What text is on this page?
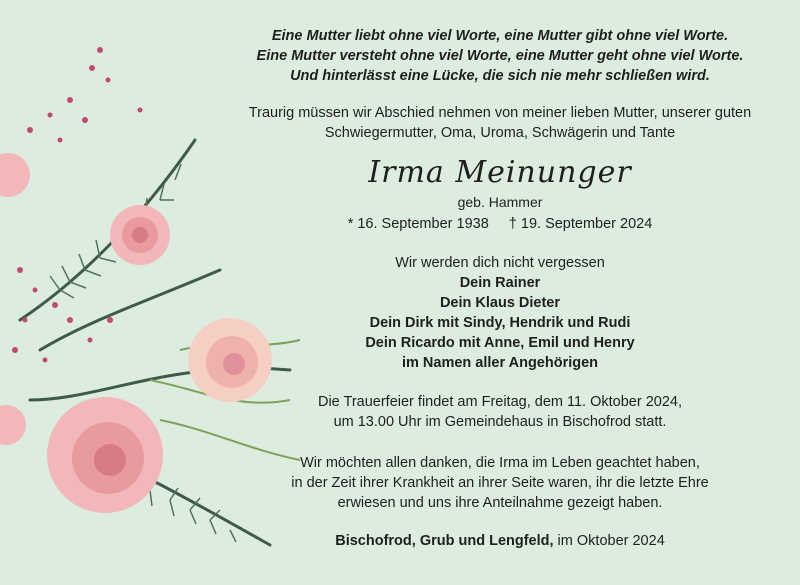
Eine Mutter liebt ohne viel Worte, eine Mutter gibt ohne viel Worte.
Eine Mutter versteht ohne viel Worte, eine Mutter geht ohne viel Worte.
Und hinterlässt eine Lücke, die sich nie mehr schließen wird.
Traurig müssen wir Abschied nehmen von meiner lieben Mutter, unserer guten
Schwiegermutter, Oma, Uroma, Schwägerin und Tante
Irma Meinunger
geb. Hammer
* 16. September 1938 † 19. September 2024
Wir werden dich nicht vergessen
Dein Rainer
Dein Klaus Dieter
Dein Dirk mit Sindy, Hendrik und Rudi
Dein Ricardo mit Anne, Emil und Henry
im Namen aller Angehörigen
Die Trauerfeier findet am Freitag, dem 11. Oktober 2024,
um 13.00 Uhr im Gemeindehaus in Bischofrod statt.
Wir möchten allen danken, die Irma im Leben geachtet haben,
in der Zeit ihrer Krankheit an ihrer Seite waren, ihr die letzte Ehre
erwiesen und uns ihre Anteilnahme gezeigt haben.
Bischofrod, Grub und Lengfeld, im Oktober 2024
